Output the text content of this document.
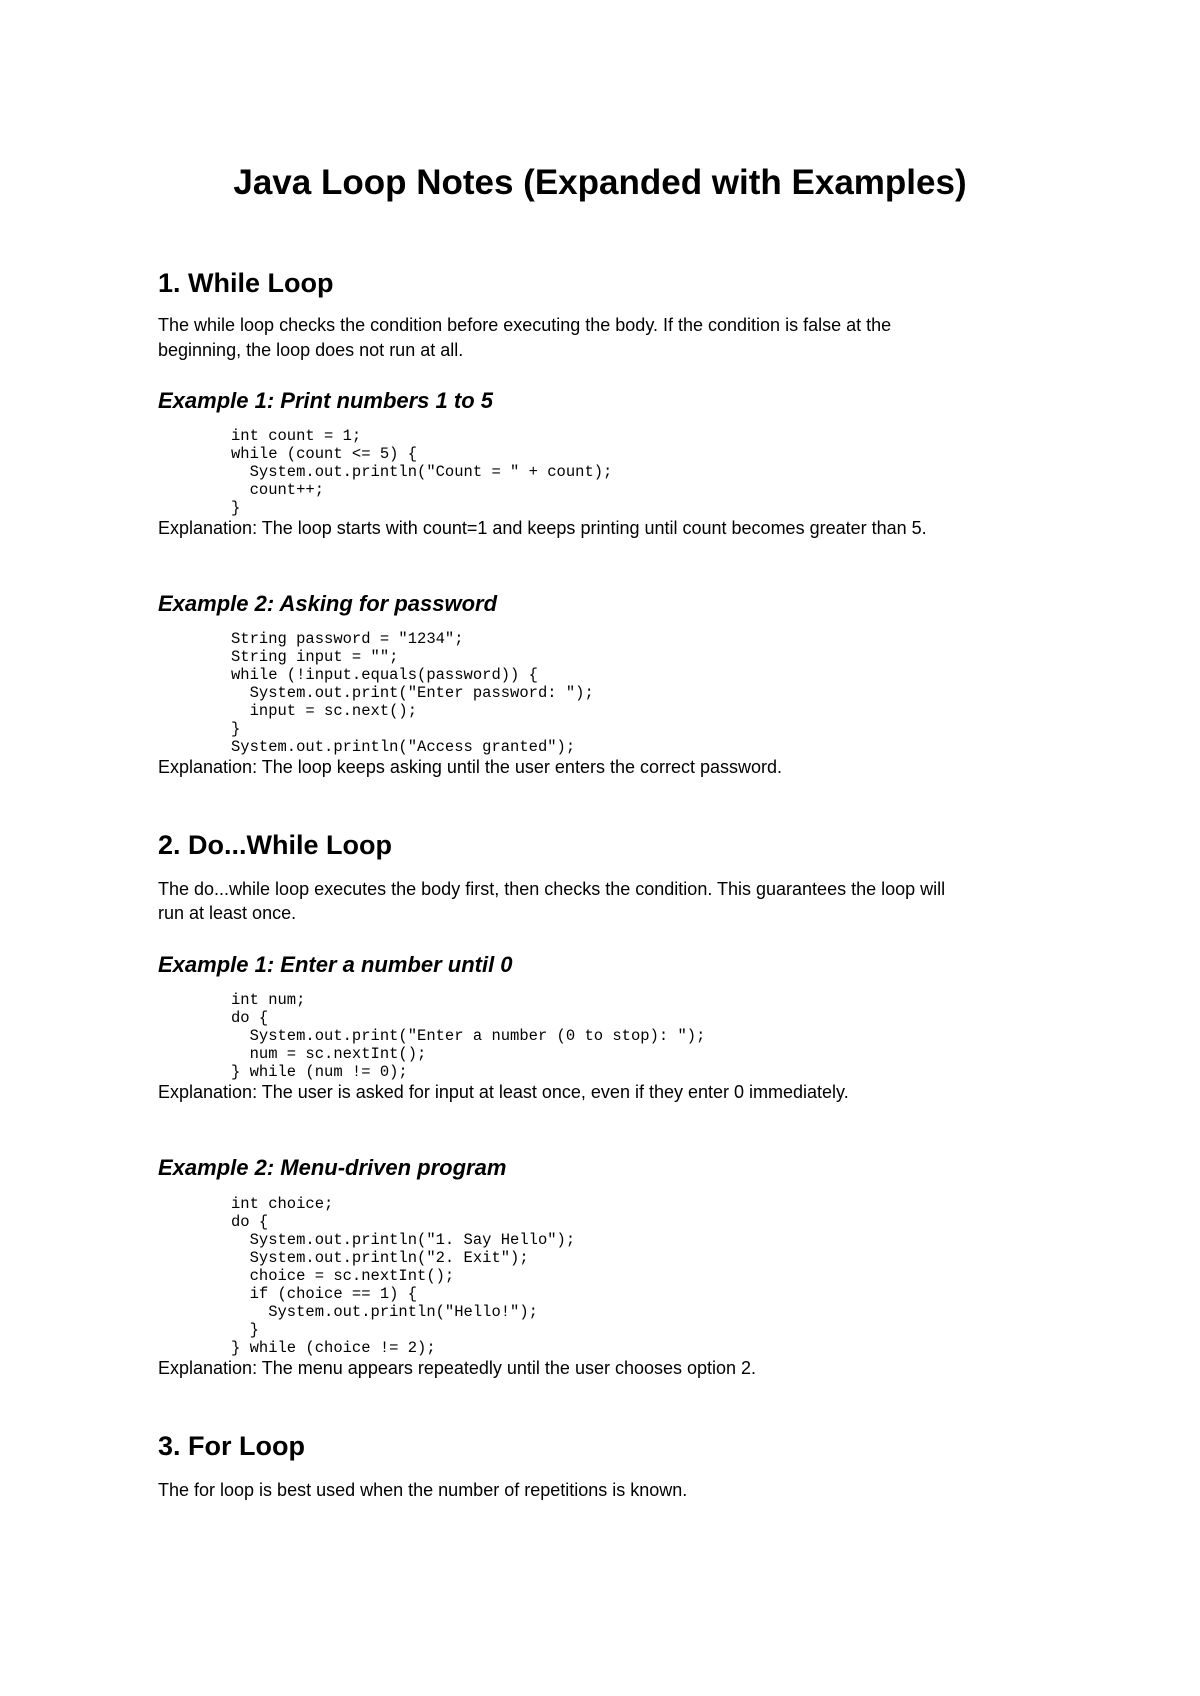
Java Loop Notes (Expanded with Examples)
1. While Loop
The while loop checks the condition before executing the body. If the condition is false at the
beginning, the loop does not run at all.
Example 1: Print numbers 1 to 5
int count = 1;
while (count <= 5) {
System.out.println("Count = " + count);
count++;
}
Explanation: The loop starts with count=1 and keeps printing until count becomes greater than 5.
Example 2: Asking for password
String password = "1234";
String input = "";
while (!input.equals(password)) {
System.out.print("Enter password: ");
input = sc.next();
}
System.out.println("Access granted");
Explanation: The loop keeps asking until the user enters the correct password.
2. Do...While Loop
The do...while loop executes the body first, then checks the condition. This guarantees the loop will
run at least once.
Example 1: Enter a number until 0
int num;
do {
System.out.print("Enter a number (0 to stop): ");
num = sc.nextInt();
} while (num != 0);
Explanation: The user is asked for input at least once, even if they enter 0 immediately.
Example 2: Menu-driven program
int choice;
do {
System.out.println("1. Say Hello");
System.out.println("2. Exit");
choice = sc.nextInt();
if (choice == 1) {
System.out.println("Hello!");
}
} while (choice != 2);
Explanation: The menu appears repeatedly until the user chooses option 2.
3. For Loop
The for loop is best used when the number of repetitions is known.
